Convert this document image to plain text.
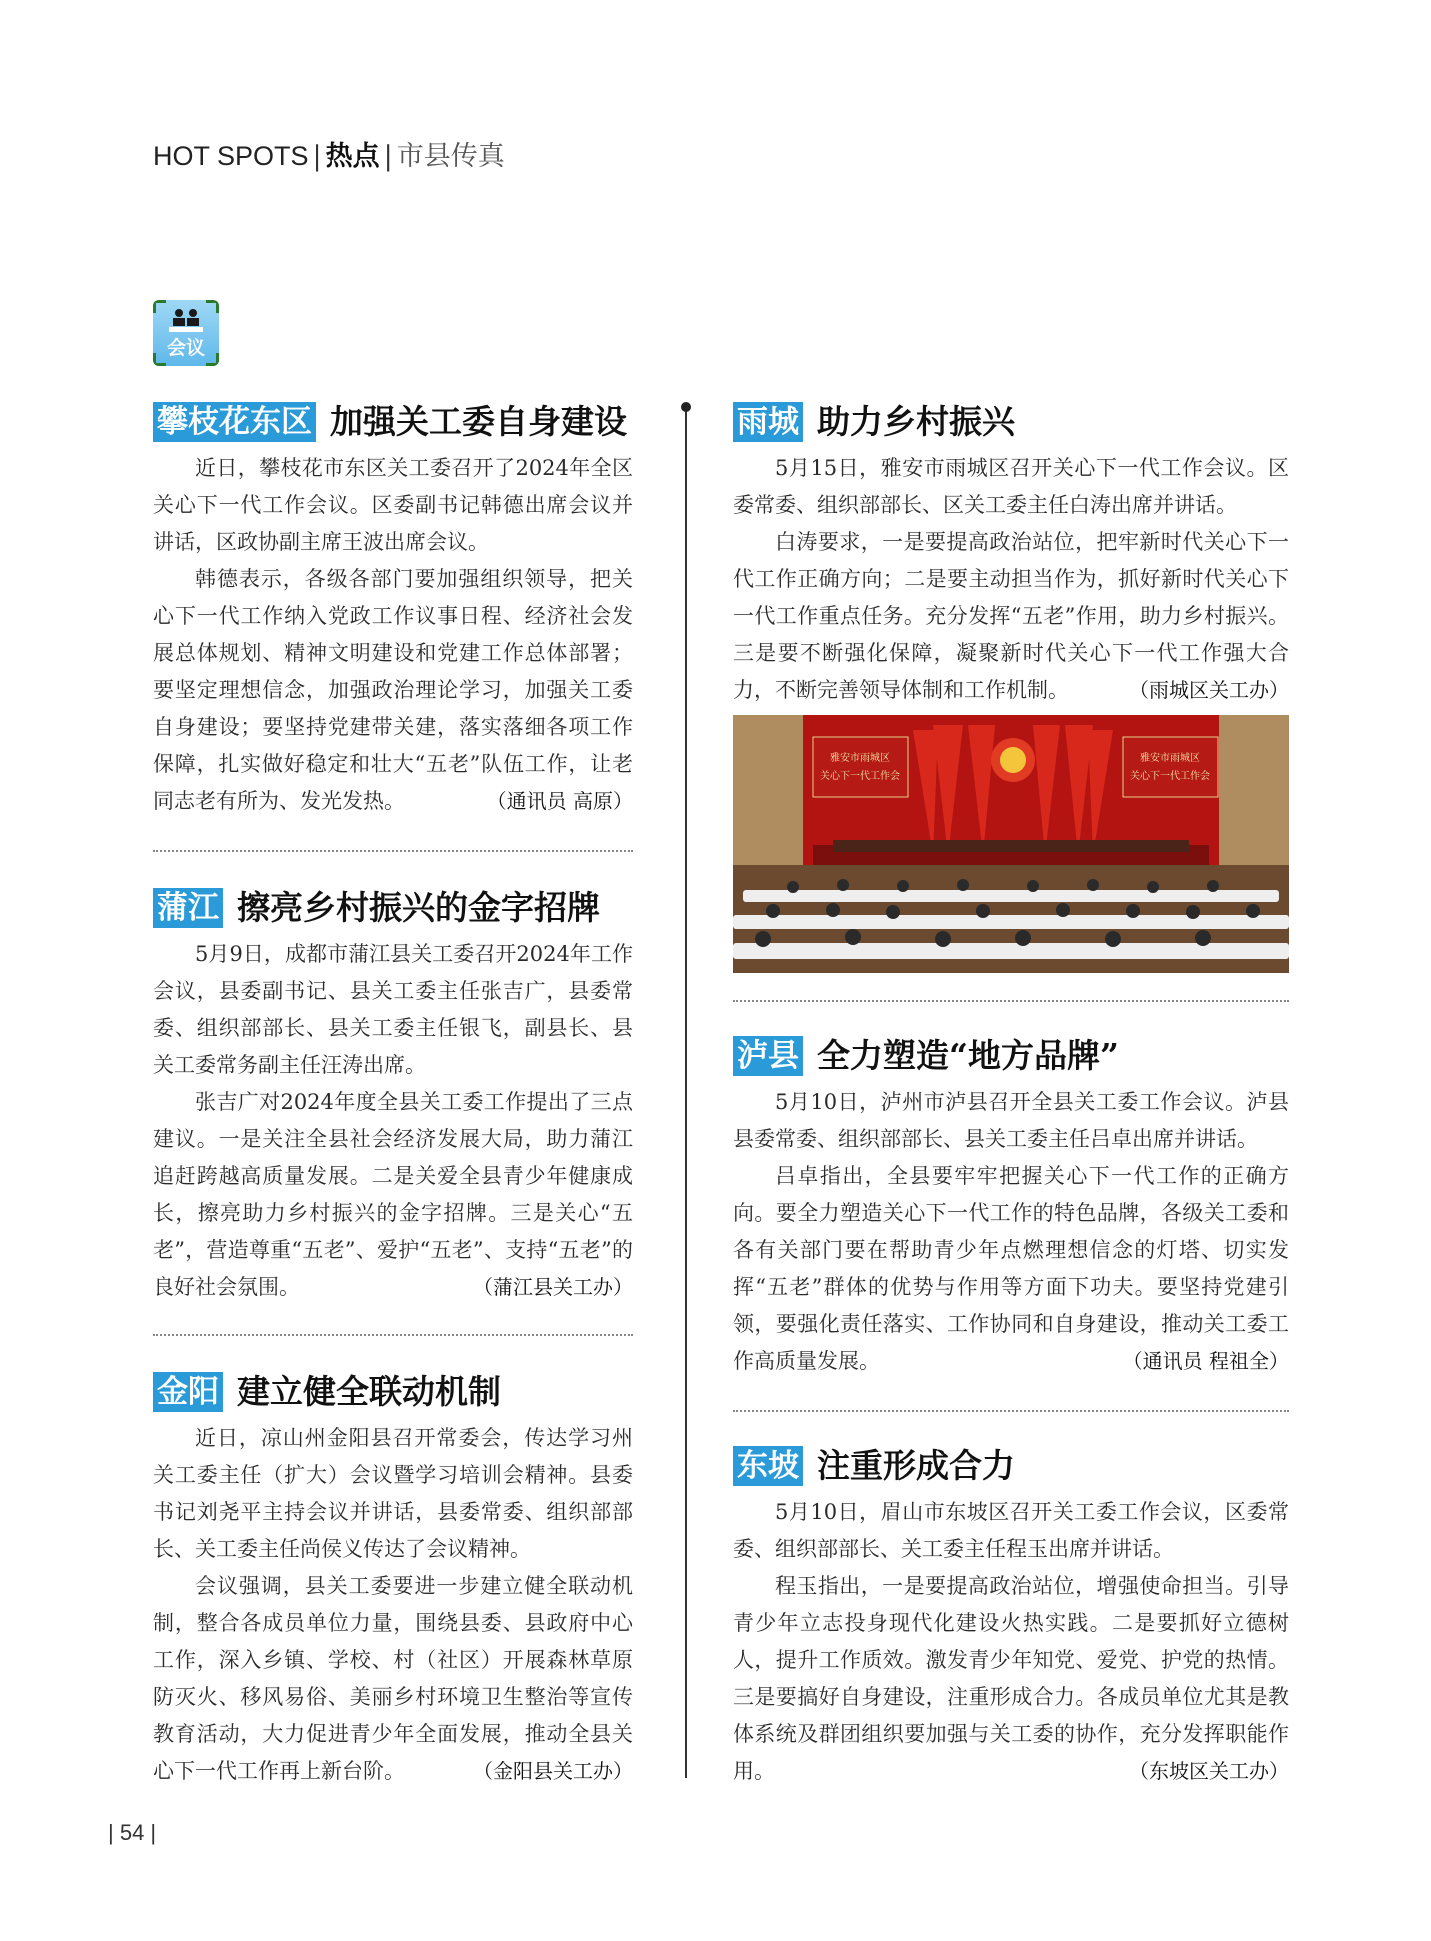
HOT SPOTS | 热点 | 市县传真
会议
攀枝花东区 加强关工委自身建设

近日，攀枝花市东区关工委召开了2024年全区关心下一代工作会议。区委副书记韩德出席会议并讲话，区政协副主席王波出席会议。

韩德表示，各级各部门要加强组织领导，把关心下一代工作纳入党政工作议事日程、经济社会发展总体规划、精神文明建设和党建工作总体部署；要坚定理想信念，加强政治理论学习，加强关工委自身建设；要坚持党建带关建，落实落细各项工作保障，扎实做好稳定和壮大“五老”队伍工作，让老同志老有所为、发光发热。	（通讯员 高原）

蒲江 擦亮乡村振兴的金字招牌

5月9日，成都市蒲江县关工委召开2024年工作会议，县委副书记、县关工委主任张吉广，县委常委、组织部部长、县关工委主任银飞，副县长、县关工委常务副主任汪涛出席。

张吉广对2024年度全县关工委工作提出了三点建议。一是关注全县社会经济发展大局，助力蒲江追赶跨越高质量发展。二是关爱全县青少年健康成长，擦亮助力乡村振兴的金字招牌。三是关心“五老”，营造尊重“五老”、爱护“五老”、支持“五老”的良好社会氛围。	（蒲江县关工办）

金阳 建立健全联动机制

近日，凉山州金阳县召开常委会，传达学习州关工委主任（扩大）会议暨学习培训会精神。县委书记刘尧平主持会议并讲话，县委常委、组织部部长、关工委主任尚侯义传达了会议精神。

会议强调，县关工委要进一步建立健全联动机制，整合各成员单位力量，围绕县委、县政府中心工作，深入乡镇、学校、村（社区）开展森林草原防灭火、移风易俗、美丽乡村环境卫生整治等宣传教育活动，大力促进青少年全面发展，推动全县关心下一代工作再上新台阶。	（金阳县关工办）

雨城 助力乡村振兴

5月15日，雅安市雨城区召开关心下一代工作会议。区委常委、组织部部长、区关工委主任白涛出席并讲话。

白涛要求，一是要提高政治站位，把牢新时代关心下一代工作正确方向；二是要主动担当作为，抓好新时代关心下一代工作重点任务。充分发挥“五老”作用，助力乡村振兴。三是要不断强化保障，凝聚新时代关心下一代工作强大合力，不断完善领导体制和工作机制。	（雨城区关工办）

雅安市雨城区
关心下一代工作会
雅安市雨城区
关心下一代工作会
泸县 全力塑造“地方品牌”

5月10日，泸州市泸县召开全县关工委工作会议。泸县县委常委、组织部部长、县关工委主任吕卓出席并讲话。

吕卓指出，全县要牢牢把握关心下一代工作的正确方向。要全力塑造关心下一代工作的特色品牌，各级关工委和各有关部门要在帮助青少年点燃理想信念的灯塔、切实发挥“五老”群体的优势与作用等方面下功夫。要坚持党建引领，要强化责任落实、工作协同和自身建设，推动关工委工作高质量发展。	（通讯员 程祖全）

东坡 注重形成合力

5月10日，眉山市东坡区召开关工委工作会议，区委常委、组织部部长、关工委主任程玉出席并讲话。

程玉指出，一是要提高政治站位，增强使命担当。引导青少年立志投身现代化建设火热实践。二是要抓好立德树人，提升工作质效。激发青少年知党、爱党、护党的热情。三是要搞好自身建设，注重形成合力。各成员单位尤其是教体系统及群团组织要加强与关工委的协作，充分发挥职能作用。	（东坡区关工办）

| 54 |
